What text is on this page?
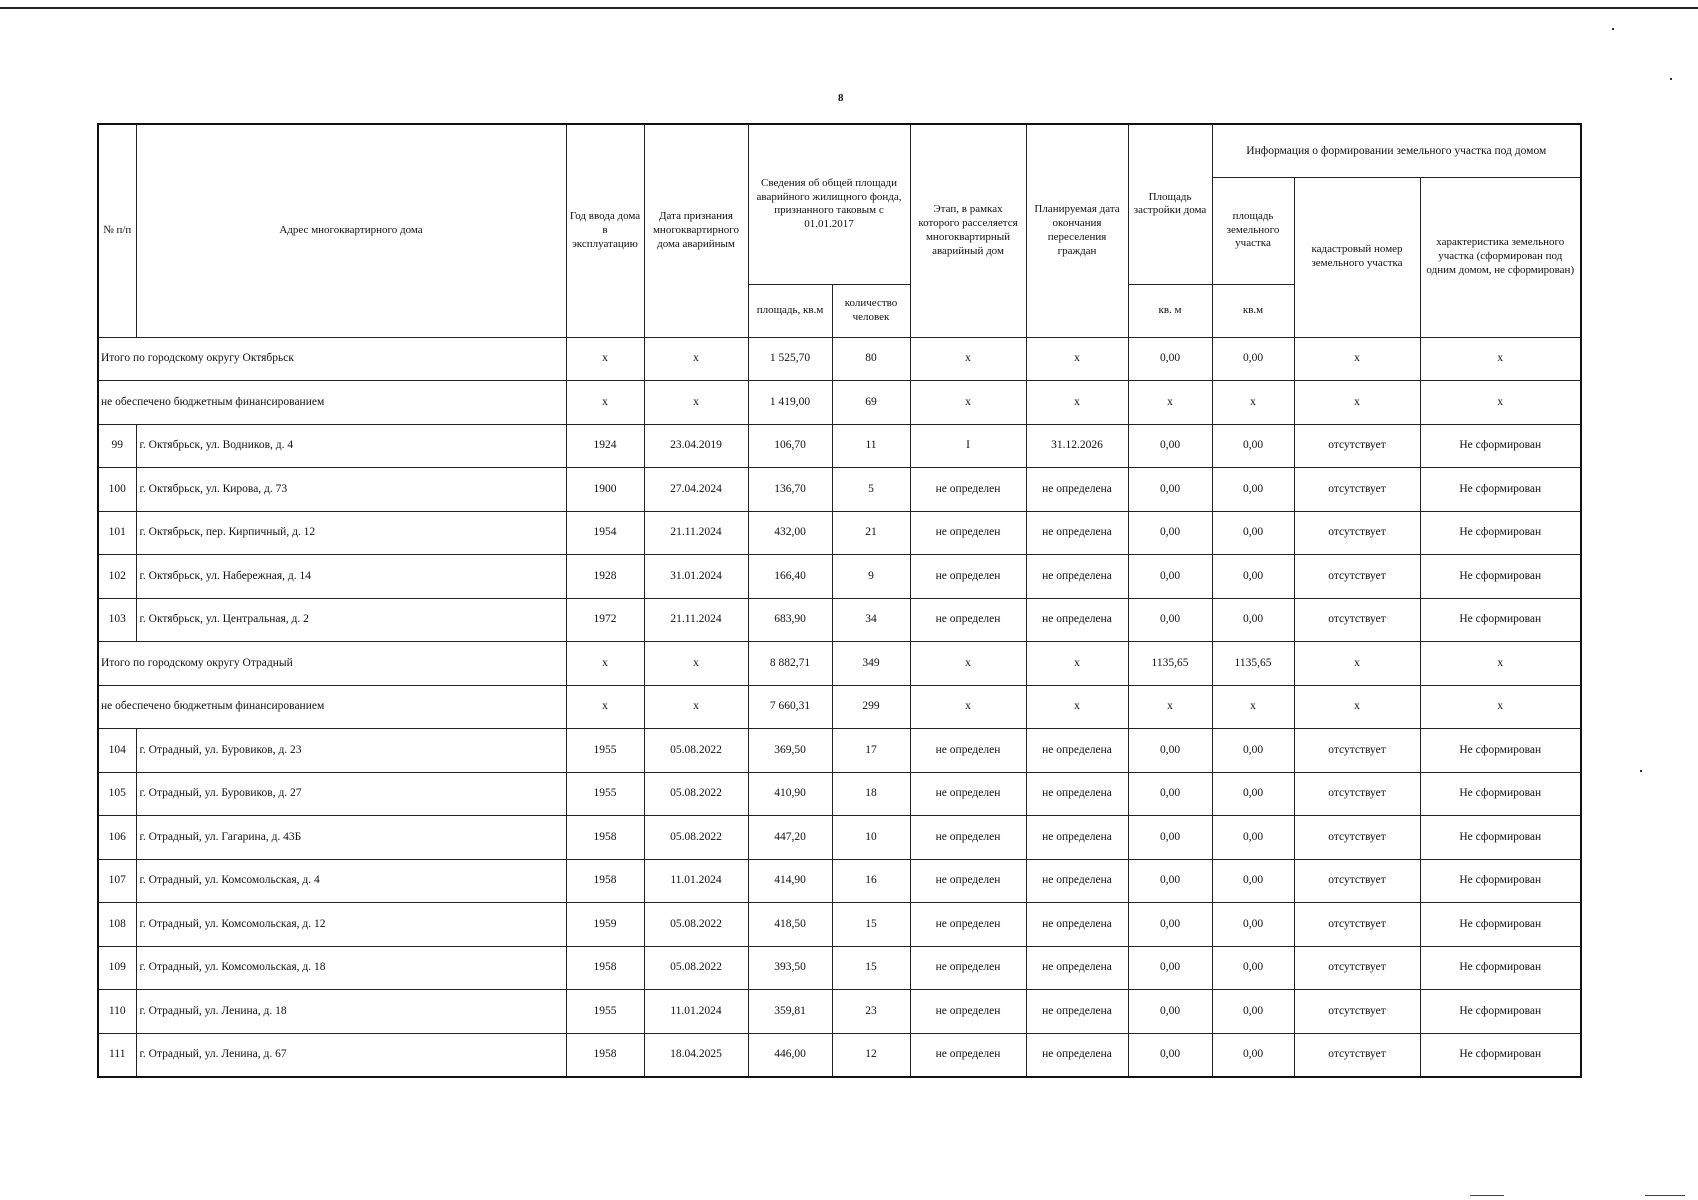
8
№ п/п	Адрес многоквартирного дома	Год ввода дома в эксплуатацию	Дата признания многоквартирного дома аварийным	Сведения об общей площади аварийного жилищного фонда, признанного таковым с 01.01.2017		Этап, в рамках которого расселяется многоквартирный аварийный дом	Планируемая дата окончания переселения граждан	Площадь застройки дома	Информация о формировании земельного участка под домом		
									площадь земельного участка	кадастровый номер земельного участка	характеристика земельного участка (сформирован под одним домом, не сформирован)
				площадь, кв.м	количество человек			кв. м	кв.м		
Итого по городскому округу Октябрьск		х	х	1 525,70	80	х	х	0,00	0,00	х	х
не обеспечено бюджетным финансированием		х	х	1 419,00	69	х	х	х	х	х	х
99	г. Октябрьск, ул. Водников, д. 4	1924	23.04.2019	106,70	11	I	31.12.2026	0,00	0,00	отсутствует	Не сформирован
100	г. Октябрьск, ул. Кирова, д. 73	1900	27.04.2024	136,70	5	не определен	не определена	0,00	0,00	отсутствует	Не сформирован
101	г. Октябрьск, пер. Кирпичный, д. 12	1954	21.11.2024	432,00	21	не определен	не определена	0,00	0,00	отсутствует	Не сформирован
102	г. Октябрьск, ул. Набережная, д. 14	1928	31.01.2024	166,40	9	не определен	не определена	0,00	0,00	отсутствует	Не сформирован
103	г. Октябрьск, ул. Центральная, д. 2	1972	21.11.2024	683,90	34	не определен	не определена	0,00	0,00	отсутствует	Не сформирован
Итого по городскому округу Отрадный		х	х	8 882,71	349	х	х	1135,65	1135,65	х	х
не обеспечено бюджетным финансированием		х	х	7 660,31	299	х	х	х	х	х	х
104	г. Отрадный, ул. Буровиков, д. 23	1955	05.08.2022	369,50	17	не определен	не определена	0,00	0,00	отсутствует	Не сформирован
105	г. Отрадный, ул. Буровиков, д. 27	1955	05.08.2022	410,90	18	не определен	не определена	0,00	0,00	отсутствует	Не сформирован
106	г. Отрадный, ул. Гагарина, д. 43Б	1958	05.08.2022	447,20	10	не определен	не определена	0,00	0,00	отсутствует	Не сформирован
107	г. Отрадный, ул. Комсомольская, д. 4	1958	11.01.2024	414,90	16	не определен	не определена	0,00	0,00	отсутствует	Не сформирован
108	г. Отрадный, ул. Комсомольская, д. 12	1959	05.08.2022	418,50	15	не определен	не определена	0,00	0,00	отсутствует	Не сформирован
109	г. Отрадный, ул. Комсомольская, д. 18	1958	05.08.2022	393,50	15	не определен	не определена	0,00	0,00	отсутствует	Не сформирован
110	г. Отрадный, ул. Ленина, д. 18	1955	11.01.2024	359,81	23	не определен	не определена	0,00	0,00	отсутствует	Не сформирован
111	г. Отрадный, ул. Ленина, д. 67	1958	18.04.2025	446,00	12	не определен	не определена	0,00	0,00	отсутствует	Не сформирован
